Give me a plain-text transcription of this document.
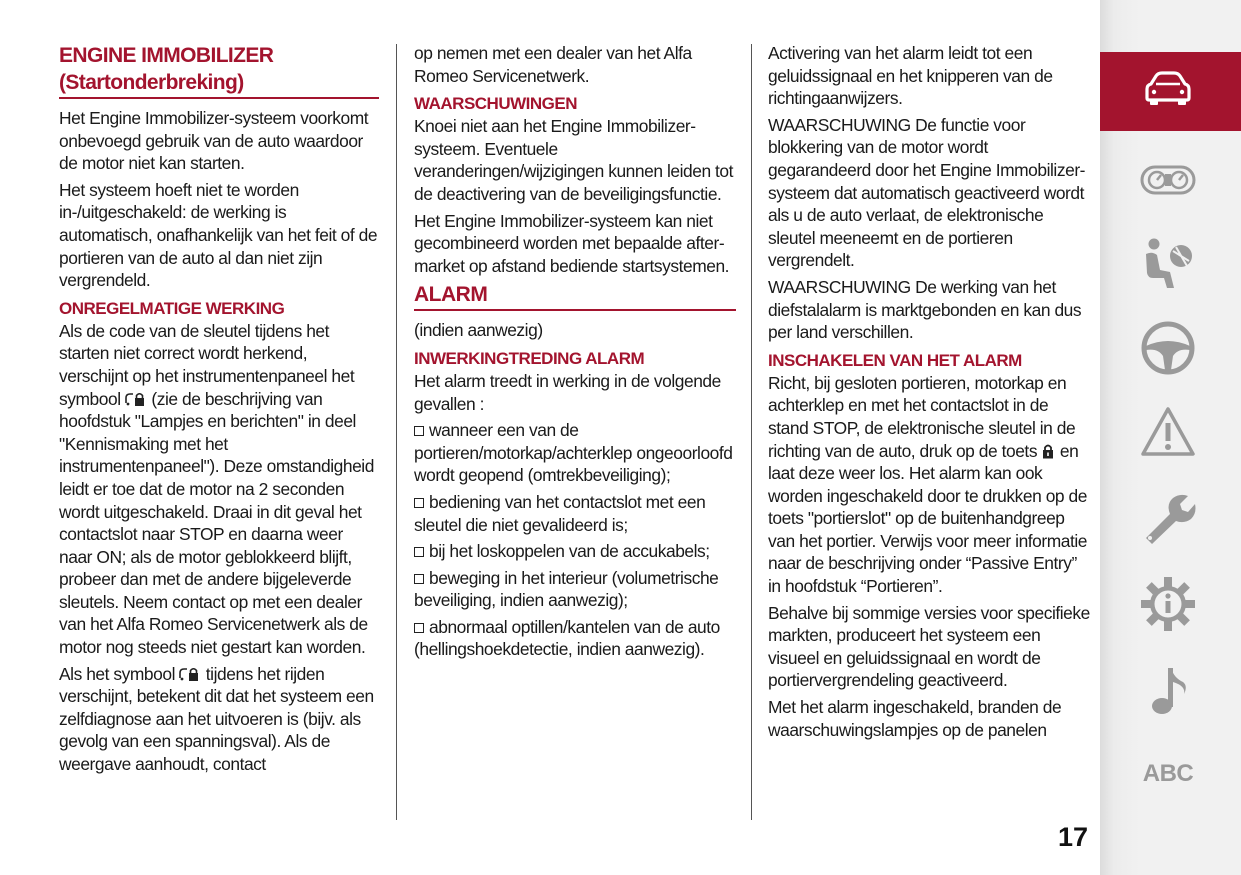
ENGINE IMMOBILIZER (Startonderbreking)

Het Engine Immobilizer-systeem voorkomt onbevoegd gebruik van de auto waardoor de motor niet kan starten.

Het systeem hoeft niet te worden in-/uitgeschakeld: de werking is automatisch, onafhankelijk van het feit of de portieren van de auto al dan niet zijn vergrendeld.

ONREGELMATIGE WERKING

Als de code van de sleutel tijdens het starten niet correct wordt herkend, verschijnt op het instrumentenpaneel het symbool (zie de beschrijving van hoofdstuk "Lampjes en berichten" in deel "Kennismaking met het instrumentenpaneel"). Deze omstandigheid leidt er toe dat de motor na 2 seconden wordt uitgeschakeld. Draai in dit geval het contactslot naar STOP en daarna weer naar ON; als de motor geblokkeerd blijft, probeer dan met de andere bijgeleverde sleutels. Neem contact op met een dealer van het Alfa Romeo Servicenetwerk als de motor nog steeds niet gestart kan worden.

Als het symbool tijdens het rijden verschijnt, betekent dit dat het systeem een zelfdiagnose aan het uitvoeren is (bijv. als gevolg van een spanningsval). Als de weergave aanhoudt, contact

op nemen met een dealer van het Alfa Romeo Servicenetwerk.

WAARSCHUWINGEN

Knoei niet aan het Engine Immobilizer-systeem. Eventuele veranderingen/wijzigingen kunnen leiden tot de deactivering van de beveiligingsfunctie.

Het Engine Immobilizer-systeem kan niet gecombineerd worden met bepaalde after-market op afstand bediende startsystemen.

ALARM

(indien aanwezig)

INWERKINGTREDING ALARM

Het alarm treedt in werking in de volgende gevallen :

wanneer een van de portieren/motorkap/achterklep ongeoorloofd wordt geopend (omtrekbeveiliging);

bediening van het contactslot met een sleutel die niet gevalideerd is;

bij het loskoppelen van de accukabels;

beweging in het interieur (volumetrische beveiliging, indien aanwezig);

abnormaal optillen/kantelen van de auto (hellingshoekdetectie, indien aanwezig).

Activering van het alarm leidt tot een geluidssignaal en het knipperen van de richtingaanwijzers.

WAARSCHUWING De functie voor blokkering van de motor wordt gegarandeerd door het Engine Immobilizer-systeem dat automatisch geactiveerd wordt als u de auto verlaat, de elektronische sleutel meeneemt en de portieren vergrendelt.

WAARSCHUWING De werking van het diefstalalarm is marktgebonden en kan dus per land verschillen.

INSCHAKELEN VAN HET ALARM

Richt, bij gesloten portieren, motorkap en achterklep en met het contactslot in de stand STOP, de elektronische sleutel in de richting van de auto, druk op de toets en laat deze weer los. Het alarm kan ook worden ingeschakeld door te drukken op de toets "portierslot" op de buitenhandgreep van het portier. Verwijs voor meer informatie naar de beschrijving onder “Passive Entry” in hoofdstuk “Portieren”.

Behalve bij sommige versies voor specifieke markten, produceert het systeem een visueel en geluidssignaal en wordt de portiervergrendeling geactiveerd.

Met het alarm ingeschakeld, branden de waarschuwingslampjes op de panelen

ABC
17
